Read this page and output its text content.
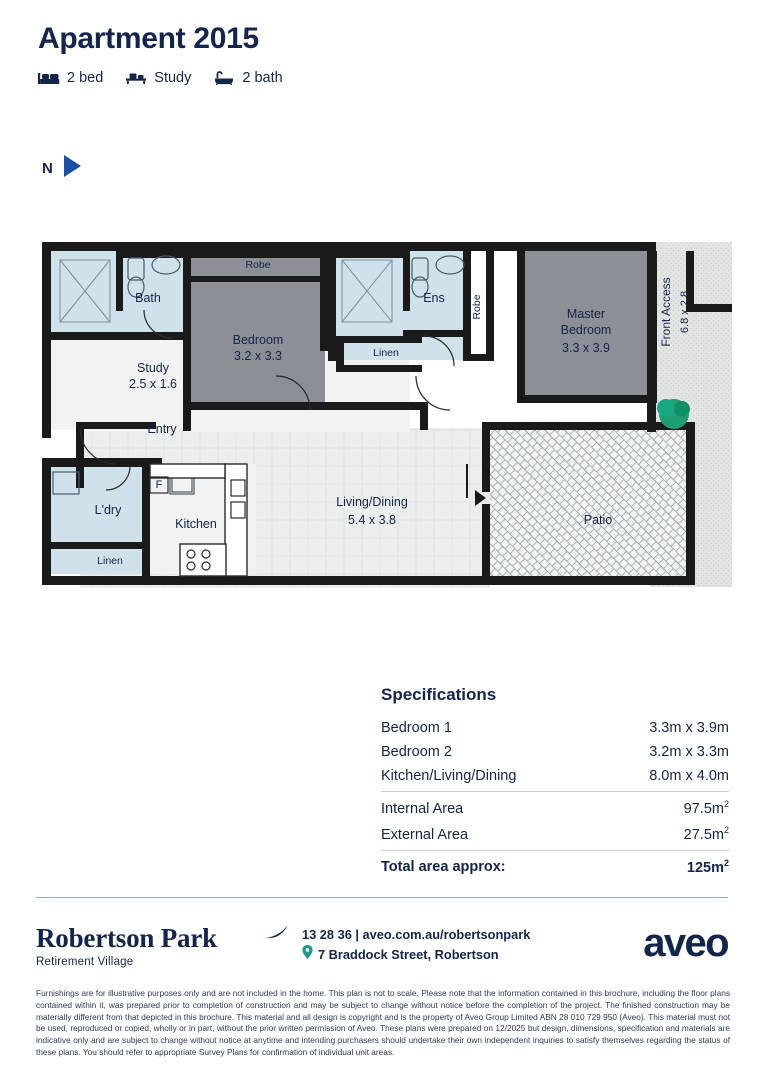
Apartment 2015
2 bed	Study	2 bath
N
Bath
Robe
Bedroom
3.2 x 3.3
Ens
Linen
Master
Bedroom
3.3 x 3.9
Study
2.5 x 1.6
Entry
Living/Dining
5.4 x 3.8	Patio
L'dry
Kitchen
Linen
F
Robe	Front Access 6.8 x 2.8
Specifications
Bedroom 1	3.3m x 3.9m
Bedroom 2	3.2m x 3.3m
Kitchen/Living/Dining	8.0m x 4.0m
Internal Area	$97.5m^2$
External Area	$27.5m^2$
Total area approx:	$125m^2$
Robertson Park
Retirement Village
13 28 36 | aveo.com.au/robertsonpark
7 Braddock Street, Robertson	aveo
Furnishings are for illustrative purposes only and are not included in the home. This plan is not to scale. Please note that the information contained in this brochure, including the floor plans contained within it, was prepared prior to completion of construction and may be subject to change without notice before the completion of the project. The finished construction may be materially different from that depicted in this brochure. This material and all design is copyright and is the property of Aveo Group Limited ABN 28 010 729 950 (Aveo). This material must not be used, reproduced or copied, wholly or in part, without the prior written permission of Aveo. These plans were prepared on 12/2025 but design, dimensions, specification and materials are indicative only and are subject to change without notice at anytime and intending purchasers should undertake their own independent inquiries to satisfy themselves regarding the status of these plans. You should refer to appropriate Survey Plans for confirmation of individual unit areas.
